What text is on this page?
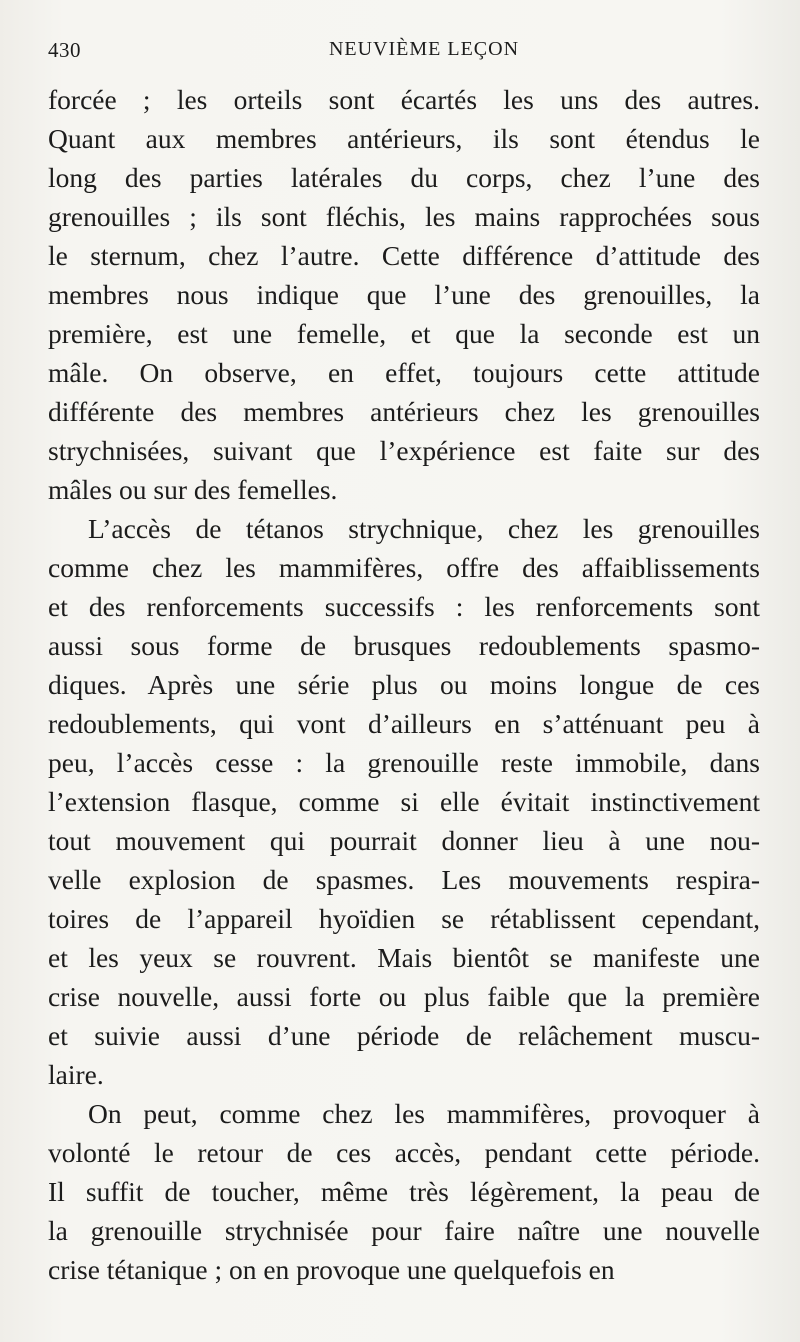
430	NEUVIÈME LEÇON
forcée ; les orteils sont écartés les uns des autres.
Quant aux membres antérieurs, ils sont étendus le
long des parties latérales du corps, chez l’une des
grenouilles ; ils sont fléchis, les mains rapprochées sous
le sternum, chez l’autre. Cette différence d’attitude des
membres nous indique que l’une des grenouilles, la
première, est une femelle, et que la seconde est un
mâle. On observe, en effet, toujours cette attitude
différente des membres antérieurs chez les grenouilles
strychnisées, suivant que l’expérience est faite sur des
mâles ou sur des femelles.
L’accès de tétanos strychnique, chez les grenouilles
comme chez les mammifères, offre des affaiblissements
et des renforcements successifs : les renforcements sont
aussi sous forme de brusques redoublements spasmo-
diques. Après une série plus ou moins longue de ces
redoublements, qui vont d’ailleurs en s’atténuant peu à
peu, l’accès cesse : la grenouille reste immobile, dans
l’extension flasque, comme si elle évitait instinctivement
tout mouvement qui pourrait donner lieu à une nou-
velle explosion de spasmes. Les mouvements respira-
toires de l’appareil hyoïdien se rétablissent cependant,
et les yeux se rouvrent. Mais bientôt se manifeste une
crise nouvelle, aussi forte ou plus faible que la première
et suivie aussi d’une période de relâchement muscu-
laire.
On peut, comme chez les mammifères, provoquer à
volonté le retour de ces accès, pendant cette période.
Il suffit de toucher, même très légèrement, la peau de
la grenouille strychnisée pour faire naître une nouvelle
crise tétanique ; on en provoque une quelquefois en
